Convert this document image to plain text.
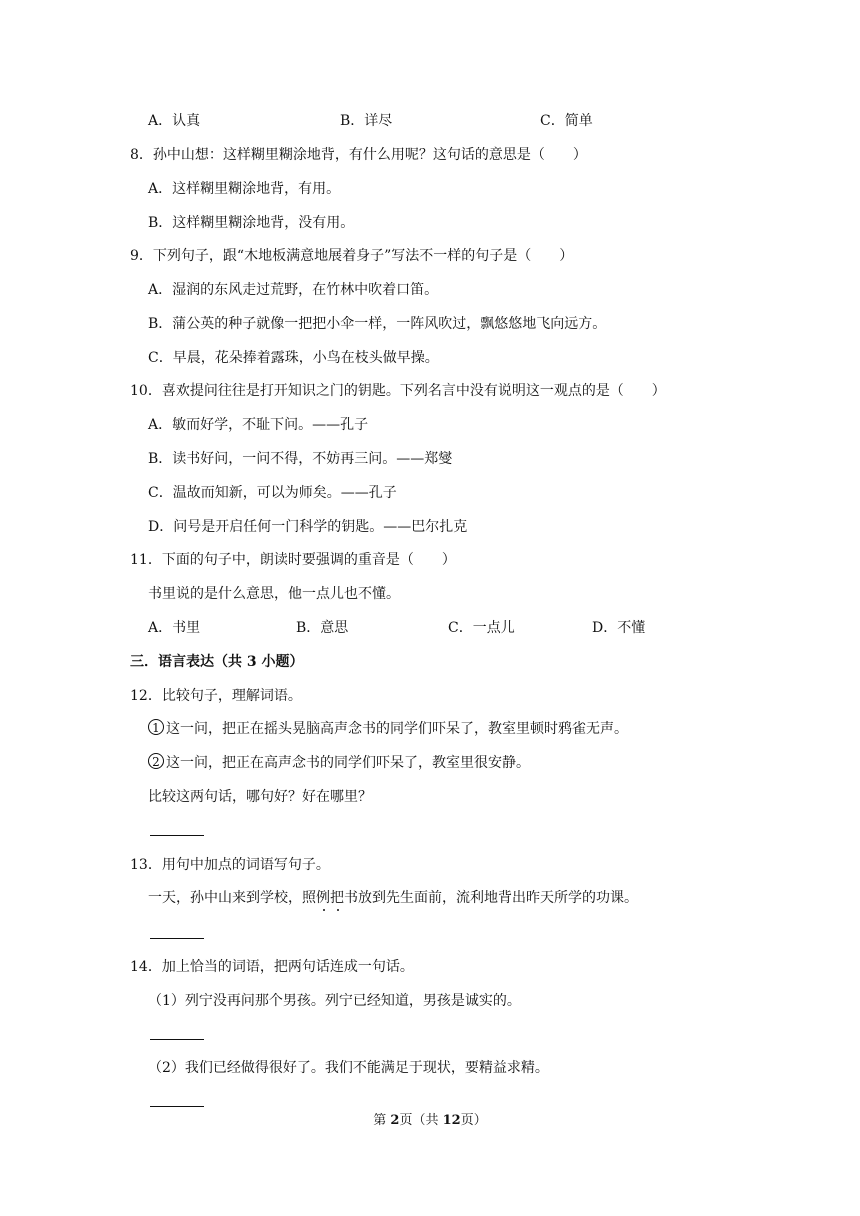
A．认真	B．详尽	C．简单
8．孙中山想：这样糊里糊涂地背，有什么用呢？这句话的意思是（　　）
A．这样糊里糊涂地背，有用。
B．这样糊里糊涂地背，没有用。
9．下列句子，跟“木地板满意地展着身子”写法不一样的句子是（　　）
A．湿润的东风走过荒野，在竹林中吹着口笛。
B．蒲公英的种子就像一把把小伞一样，一阵风吹过，飘悠悠地飞向远方。
C．早晨，花朵捧着露珠，小鸟在枝头做早操。
10．喜欢提问往往是打开知识之门的钥匙。下列名言中没有说明这一观点的是（　　）
A．敏而好学，不耻下问。——孔子
B．读书好问，一问不得，不妨再三问。——郑燮
C．温故而知新，可以为师矣。——孔子
D．问号是开启任何一门科学的钥匙。——巴尔扎克
11．下面的句子中，朗读时要强调的重音是（　　）
书里说的是什么意思，他一点儿也不懂。
A．书里	B．意思	C．一点儿	D．不懂
三．语言表达（共 3 小题）
12．比较句子，理解词语。
1 这一问，把正在摇头晃脑高声念书的同学们吓呆了，教室里顿时鸦雀无声。
2 这一问，把正在高声念书的同学们吓呆了，教室里很安静。
比较这两句话，哪句好？好在哪里？
13．用句中加点的词语写句子。
一天，孙中山来到学校，照例把书放到先生面前，流利地背出昨天所学的功课。
14．加上恰当的词语，把两句话连成一句话。
（1）列宁没再问那个男孩。列宁已经知道，男孩是诚实的。
（2）我们已经做得很好了。我们不能满足于现状，要精益求精。
第 2页（共 12页）
